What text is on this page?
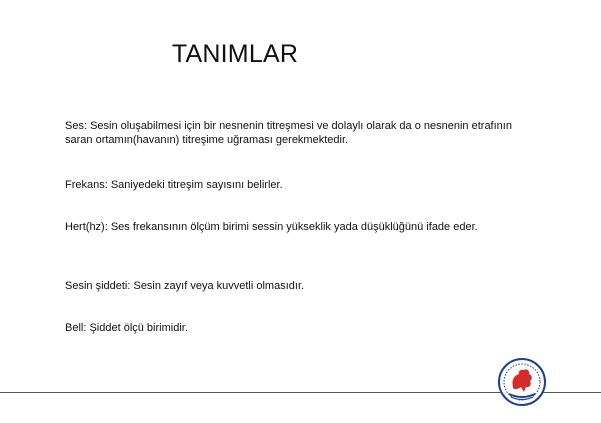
TANIMLAR
Ses: Sesin oluşabilmesi için bir nesnenin titreşmesi ve dolaylı olarak da o nesnenin etrafının saran ortamın(havanın) titreşime uğraması gerekmektedir.
Frekans: Saniyedeki titreşim sayısını belirler.
Hert(hz): Ses frekansının ölçüm birimi sessin yükseklik yada düşüklüğünü ifade eder.
Sesin şiddeti: Sesin zayıf veya kuvvetli olmasıdır.
Bell: Şiddet ölçü birimidir.
